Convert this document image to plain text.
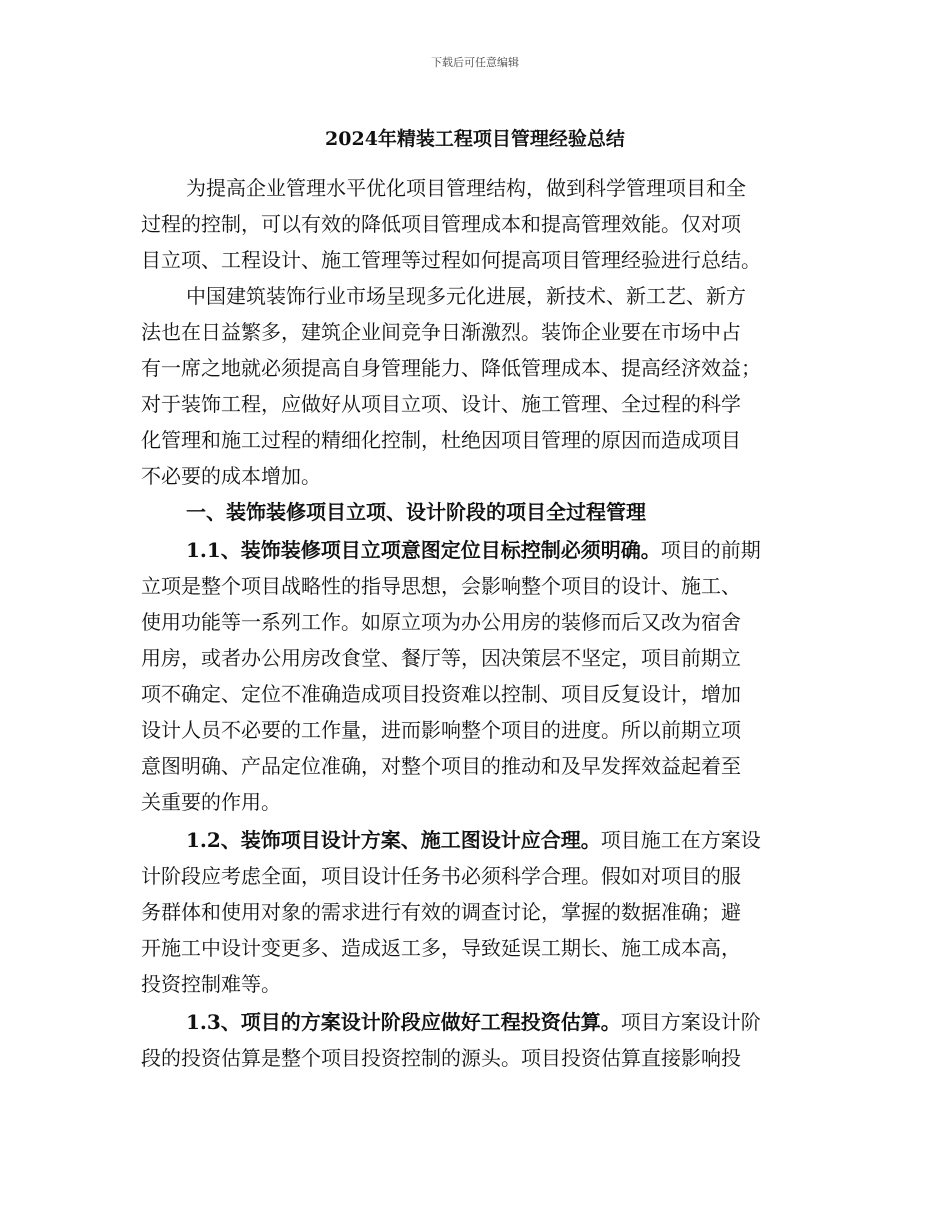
下载后可任意编辑
2024年精装工程项目管理经验总结
为提高企业管理水平优化项目管理结构，做到科学管理项目和全
过程的控制，可以有效的降低项目管理成本和提高管理效能。仅对项
目立项、工程设计、施工管理等过程如何提高项目管理经验进行总结。
中国建筑装饰行业市场呈现多元化进展，新技术、新工艺、新方
法也在日益繁多，建筑企业间竞争日渐激烈。装饰企业要在市场中占
有一席之地就必须提高自身管理能力、降低管理成本、提高经济效益；
对于装饰工程，应做好从项目立项、设计、施工管理、全过程的科学
化管理和施工过程的精细化控制，杜绝因项目管理的原因而造成项目
不必要的成本增加。
一、装饰装修项目立项、设计阶段的项目全过程管理
1.1、装饰装修项目立项意图定位目标控制必须明确。项目的前期
立项是整个项目战略性的指导思想，会影响整个项目的设计、施工、
使用功能等一系列工作。如原立项为办公用房的装修而后又改为宿舍
用房，或者办公用房改食堂、餐厅等，因决策层不坚定，项目前期立
项不确定、定位不准确造成项目投资难以控制、项目反复设计，增加
设计人员不必要的工作量，进而影响整个项目的进度。所以前期立项
意图明确、产品定位准确，对整个项目的推动和及早发挥效益起着至
关重要的作用。
1.2、装饰项目设计方案、施工图设计应合理。项目施工在方案设
计阶段应考虑全面，项目设计任务书必须科学合理。假如对项目的服
务群体和使用对象的需求进行有效的调查讨论，掌握的数据准确；避
开施工中设计变更多、造成返工多，导致延误工期长、施工成本高，
投资控制难等。
1.3、项目的方案设计阶段应做好工程投资估算。项目方案设计阶
段的投资估算是整个项目投资控制的源头。项目投资估算直接影响投
